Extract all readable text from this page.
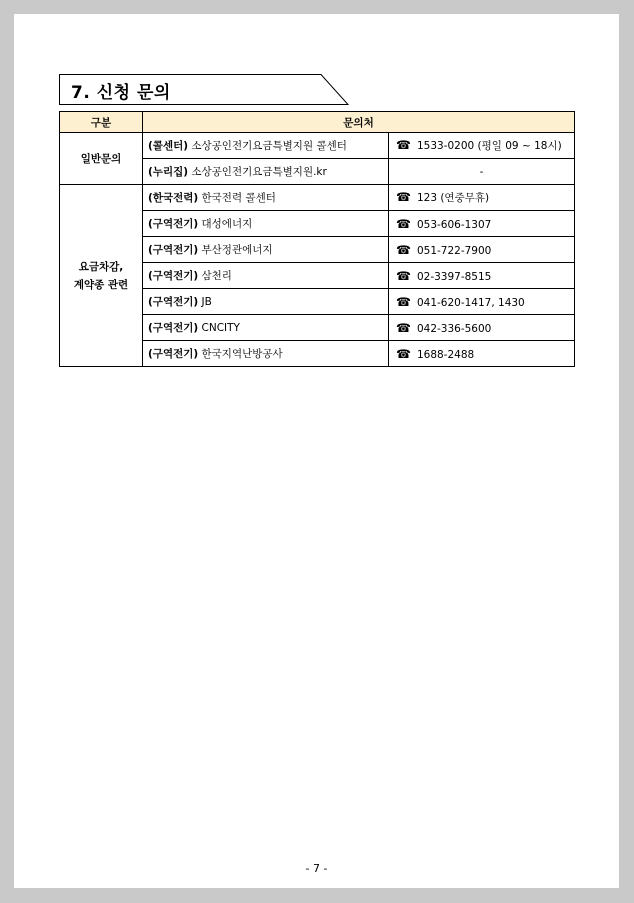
7. 신청 문의
구분	문의처	
일반문의	(콜센터) 소상공인전기요금특별지원 콜센터	☎ 1533-0200 (평일 09 ~ 18시)
	(누리집) 소상공인전기요금특별지원.kr	-
요금차감,
계약종 관련	(한국전력) 한국전력 콜센터	☎ 123 (연중무휴)
	(구역전기) 대성에너지	☎ 053-606-1307
	(구역전기) 부산정관에너지	☎ 051-722-7900
	(구역전기) 삼천리	☎ 02-3397-8515
	(구역전기) JB	☎ 041-620-1417, 1430
	(구역전기) CNCITY	☎ 042-336-5600
	(구역전기) 한국지역난방공사	☎ 1688-2488
- 7 -
